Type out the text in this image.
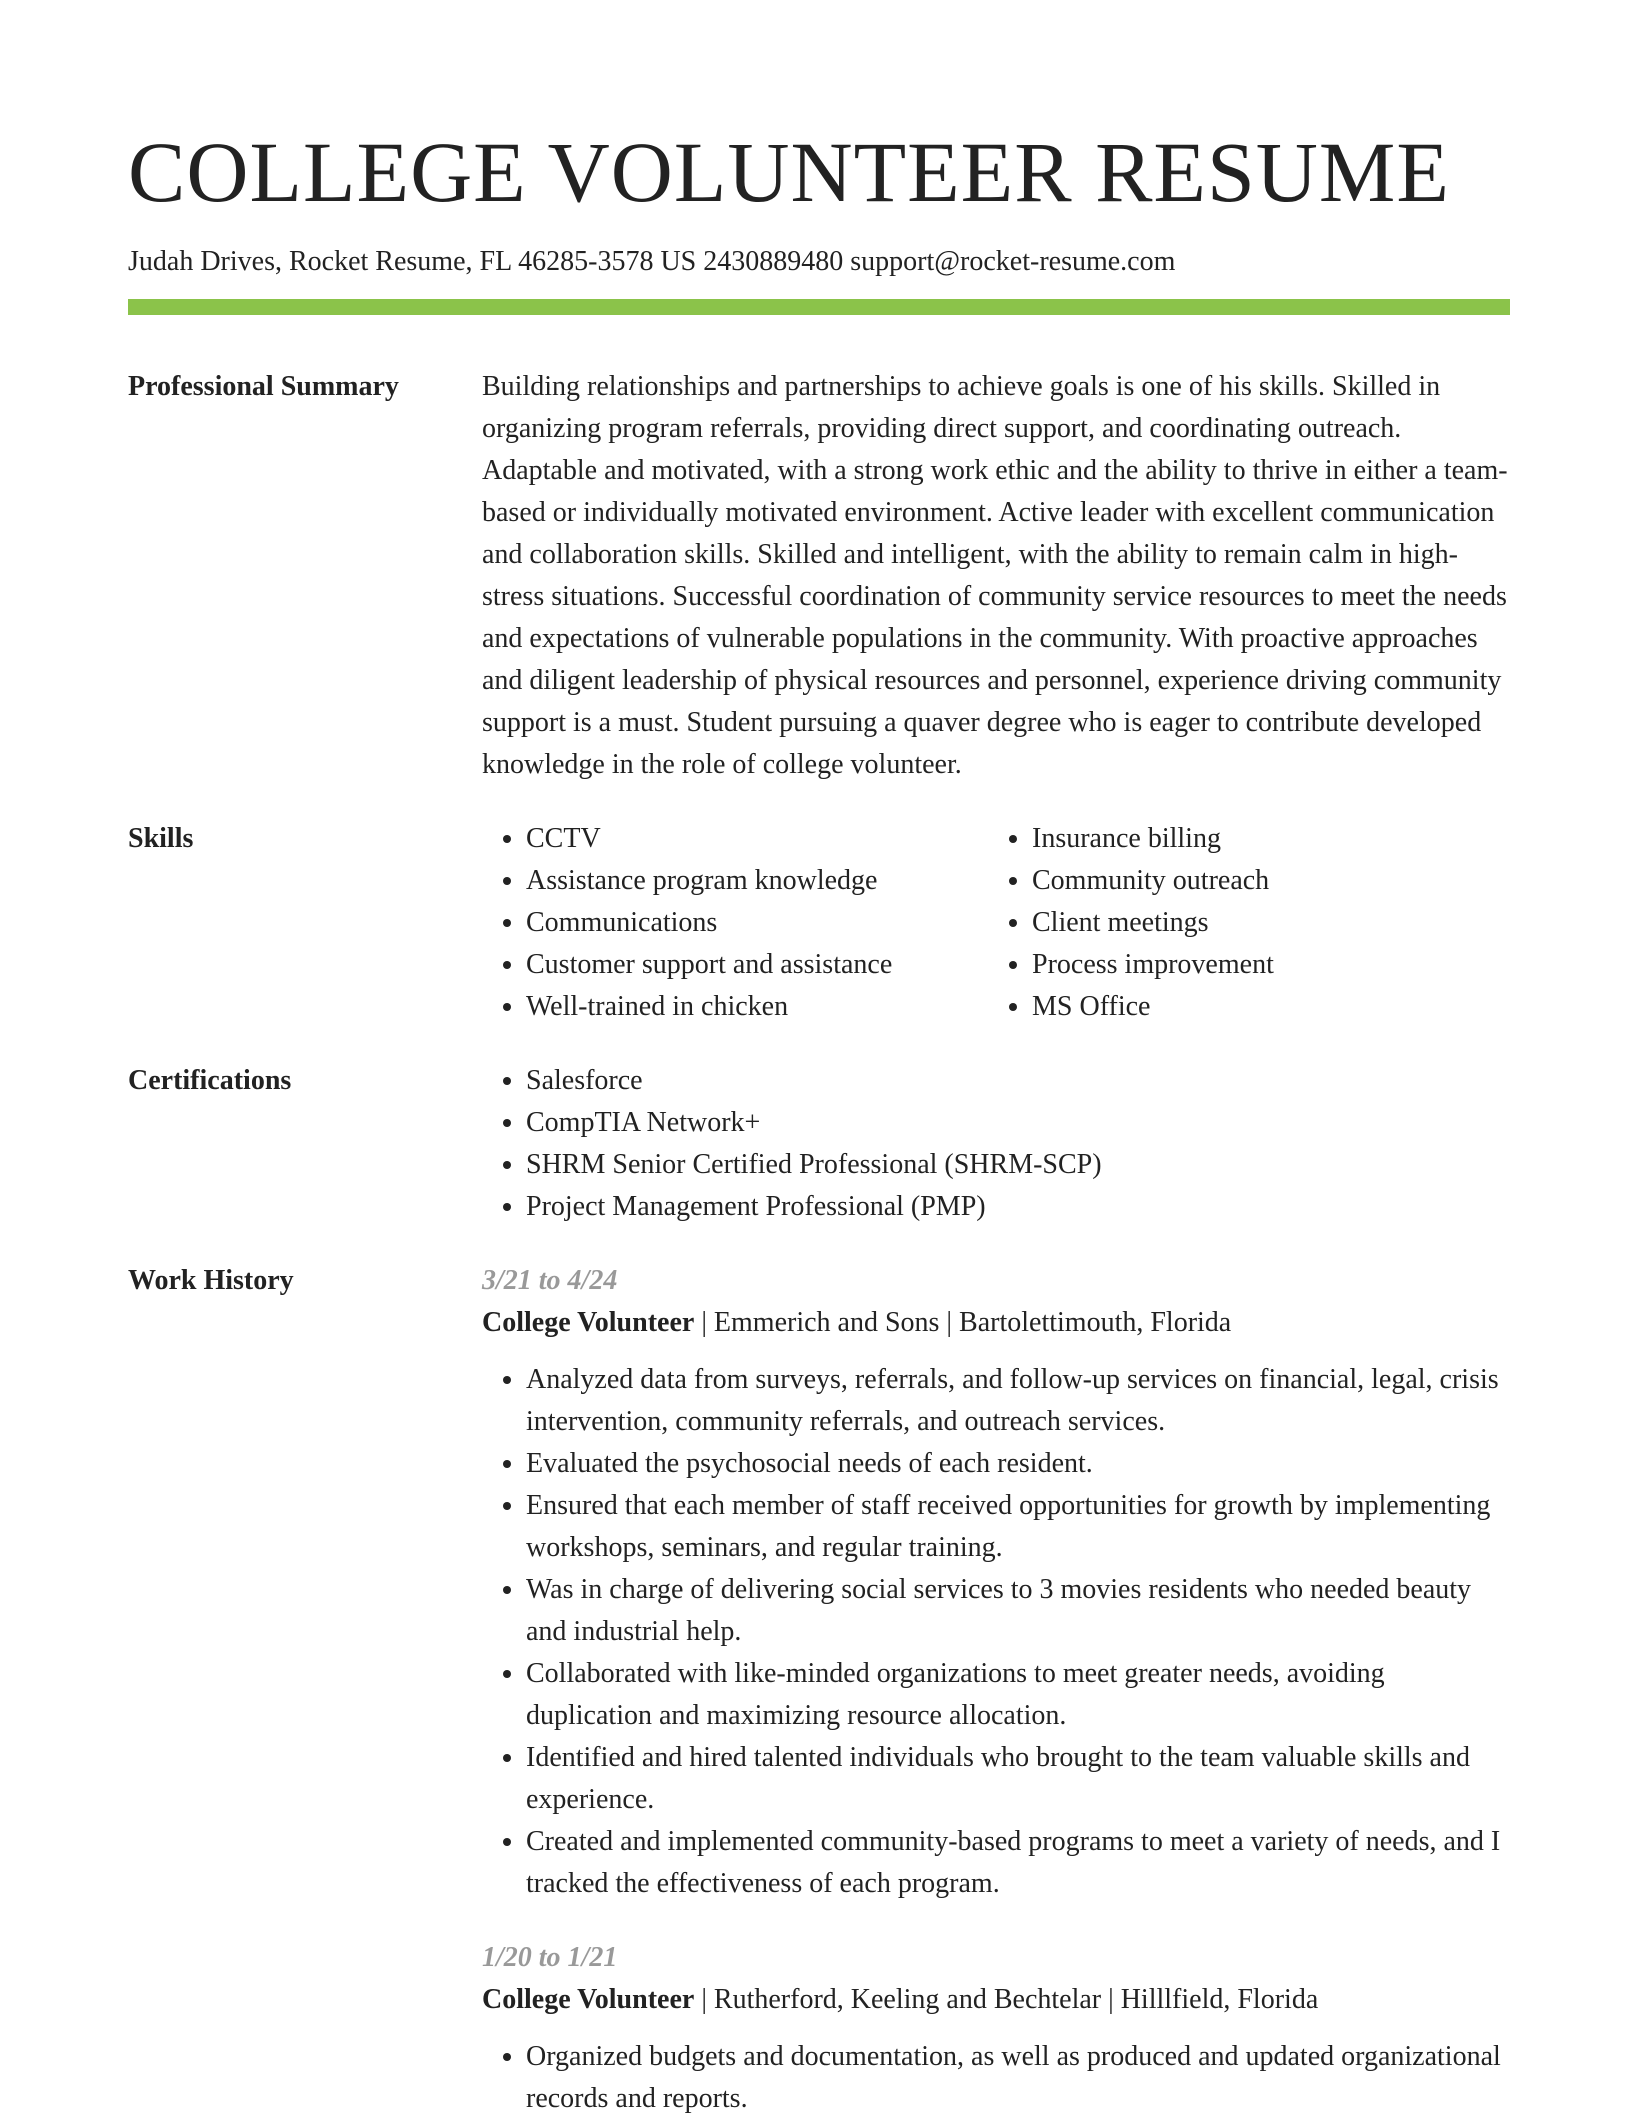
COLLEGE VOLUNTEER RESUME
Judah Drives, Rocket Resume, FL 46285-3578 US 2430889480 support@rocket-resume.com
Professional Summary	Building relationships and partnerships to achieve goals is one of his skills. Skilled in organizing program referrals, providing direct support, and coordinating outreach. Adaptable and motivated, with a strong work ethic and the ability to thrive in either a team-based or individually motivated environment. Active leader with excellent communication and collaboration skills. Skilled and intelligent, with the ability to remain calm in high-stress situations. Successful coordination of community service resources to meet the needs and expectations of vulnerable populations in the community. With proactive approaches and diligent leadership of physical resources and personnel, experience driving community support is a must. Student pursuing a quaver degree who is eager to contribute developed knowledge in the role of college volunteer.

Skills	• CCTV
• Assistance program knowledge
• Communications
• Customer support and assistance
• Well-trained in chicken
• Insurance billing
• Community outreach
• Client meetings
• Process improvement
• MS Office
Certifications	• Salesforce
• CompTIA Network+
• SHRM Senior Certified Professional (SHRM-SCP)
• Project Management Professional (PMP)
Work History	3/21 to 4/24
College Volunteer | Emmerich and Sons | Bartolettimouth, Florida
• Analyzed data from surveys, referrals, and follow-up services on financial, legal, crisis intervention, community referrals, and outreach services.
• Evaluated the psychosocial needs of each resident.
• Ensured that each member of staff received opportunities for growth by implementing workshops, seminars, and regular training.
• Was in charge of delivering social services to 3 movies residents who needed beauty and industrial help.
• Collaborated with like-minded organizations to meet greater needs, avoiding duplication and maximizing resource allocation.
• Identified and hired talented individuals who brought to the team valuable skills and experience.
• Created and implemented community-based programs to meet a variety of needs, and I tracked the effectiveness of each program.
1/20 to 1/21
College Volunteer | Rutherford, Keeling and Bechtelar | Hilllfield, Florida
• Organized budgets and documentation, as well as produced and updated organizational records and reports.
